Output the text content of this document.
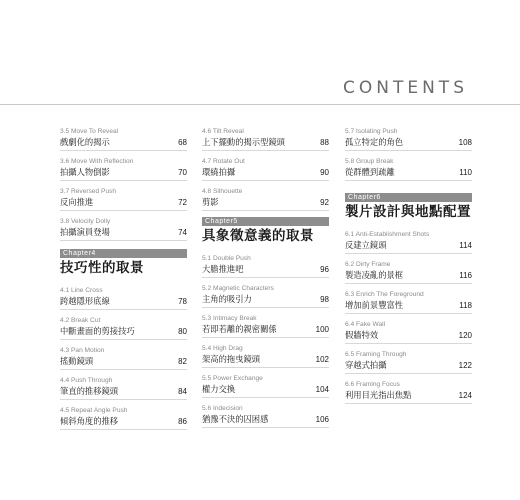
CONTENTS
3.5 Move To Reveal
戲劇化的揭示	68
3.6 Move With Reflection
拍攝人物倒影	70
3.7 Reversed Push
反向推進	72
3.8 Velocity Dolly
拍攝演員登場	74
Chapter4
技巧性的取景
4.1 Line Cross
跨越隱形底線	78
4.2 Break Cut
中斷畫面的剪接技巧	80
4.3 Pan Motion
搖動鏡頭	82
4.4 Push Through
筆直的推移鏡頭	84
4.5 Repeat Angle Push
傾斜角度的推移	86
4.6 Tilt Reveal
上下擺動的揭示型鏡頭	88
4.7 Rotate Out
環繞拍攝	90
4.8 Silhouette
剪影	92
Chapter5
具象徵意義的取景
5.1 Double Push
大膽推進吧	96
5.2 Magnetic Characters
主角的吸引力	98
5.3 Intimacy Break
若即若離的親密關係	100
5.4 High Drag
架高的拖曳鏡頭	102
5.5 Power Exchange
權力交換	104
5.6 Indecision
猶豫不決的囚困感	106
5.7 Isolating Push
孤立特定的角色	108
5.8 Group Break
從群體到疏離	110
Chapter6
製片設計與地點配置
6.1 Anti-Establishment Shots
反建立鏡頭	114
6.2 Dirty Frame
製造凌亂的景框	116
6.3 Enrich The Foreground
增加前景豐富性	118
6.4 Fake Wall
假牆特效	120
6.5 Framing Through
穿越式拍攝	122
6.6 Framing Focus
利用目光指出焦點	124
